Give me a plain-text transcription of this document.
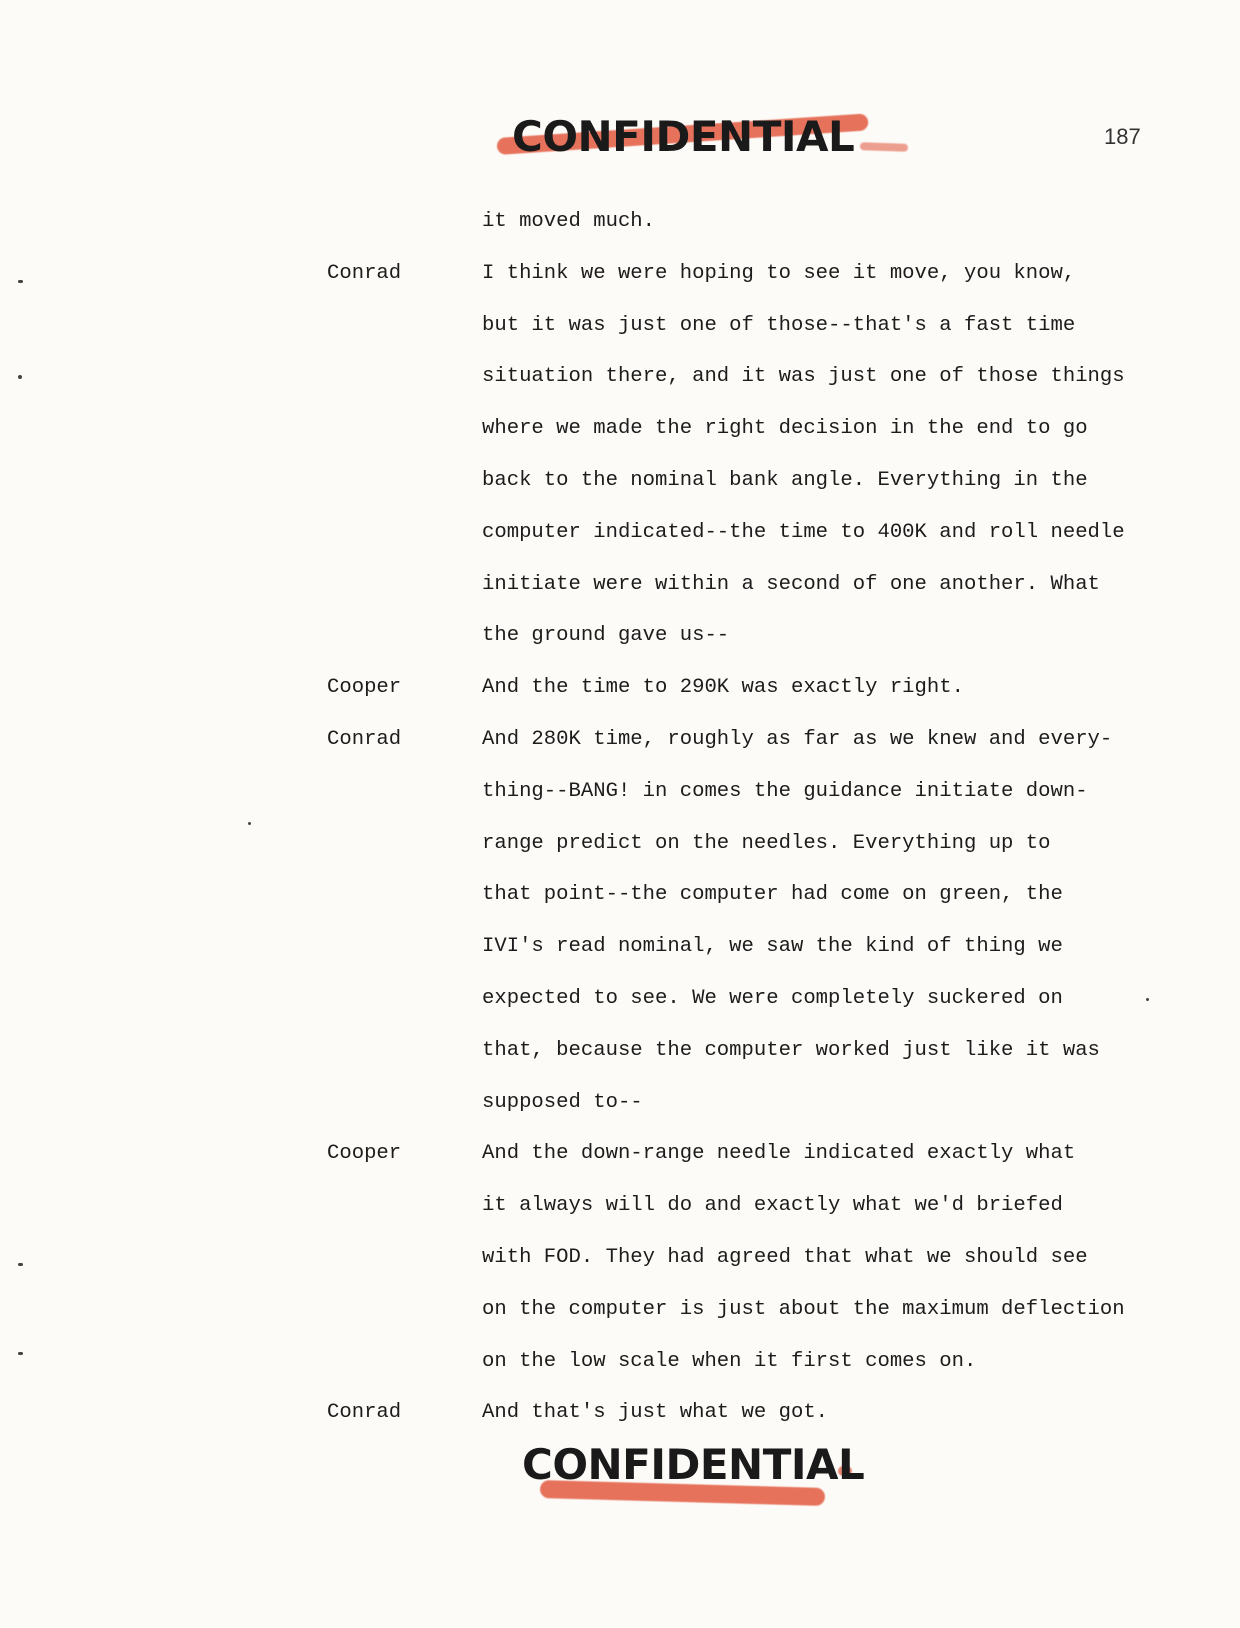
CONFIDENTIAL	187
it moved much.
Conrad	I think we were hoping to see it move, you know,
but it was just one of those--that's a fast time
situation there, and it was just one of those things
where we made the right decision in the end to go
back to the nominal bank angle. Everything in the
computer indicated--the time to 400K and roll needle
initiate were within a second of one another. What
the ground gave us--
Cooper	And the time to 290K was exactly right.
Conrad	And 280K time, roughly as far as we knew and every-
thing--BANG! in comes the guidance initiate down-
range predict on the needles. Everything up to
that point--the computer had come on green, the
IVI's read nominal, we saw the kind of thing we
expected to see. We were completely suckered on
that, because the computer worked just like it was
supposed to--
Cooper	And the down-range needle indicated exactly what
it always will do and exactly what we'd briefed
with FOD. They had agreed that what we should see
on the computer is just about the maximum deflection
on the low scale when it first comes on.
Conrad	And that's just what we got.
CONFIDENTIAL
